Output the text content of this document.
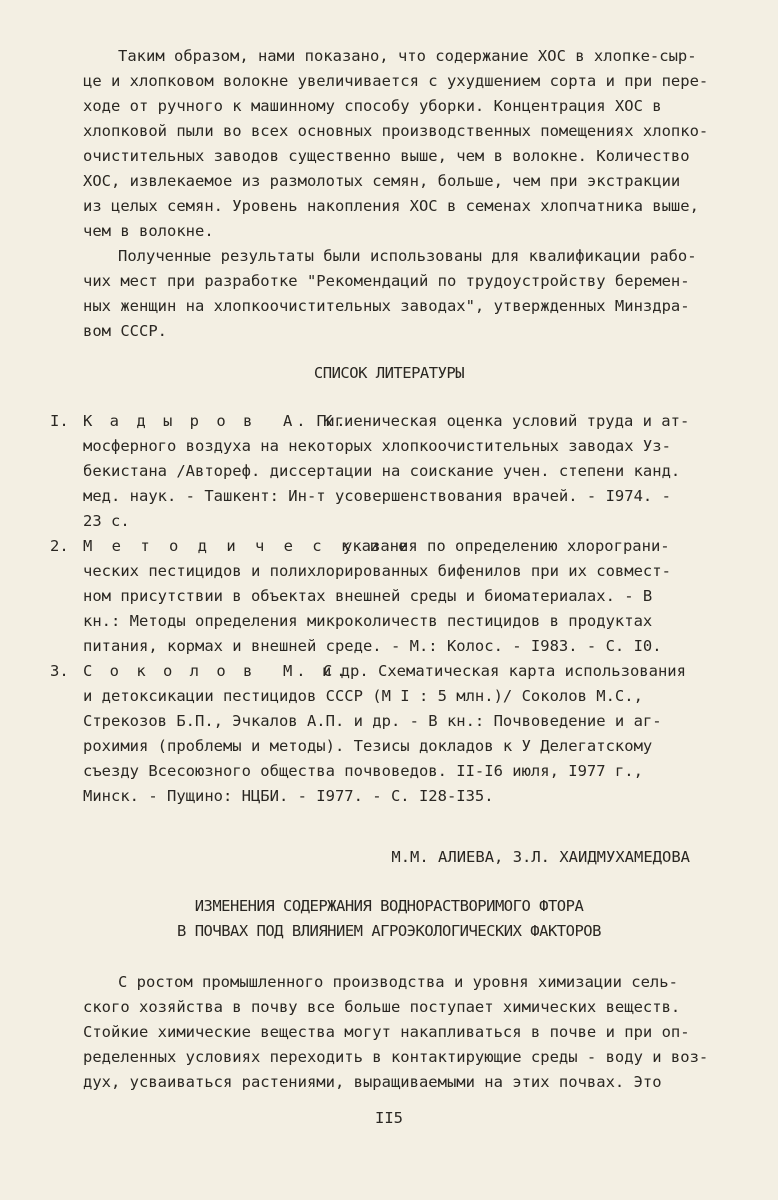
Таким образом, нами показано, что содержание ХОС в хлопке-сыр-
це и хлопковом волокне увеличивается с ухудшением сорта и при пере-
ходе от ручного к машинному способу уборки. Концентрация ХОС в
хлопковой пыли во всех основных производственных помещениях хлопко-
очистительных заводов существенно выше, чем в волокне. Количество
ХОС, извлекаемое из размолотых семян, больше, чем при экстракции
из целых семян. Уровень накопления ХОС в семенах хлопчатника выше,
чем в волокне.
Полученные результаты были использованы для квалификации рабо-
чих мест при разработке "Рекомендаций по трудоустройству беремен-
ных женщин на хлопкоочистительных заводах", утвержденных Минздра-
вом СССР.
СПИСОК ЛИТЕРАТУРЫ
I. К а д ы р о в  А. К.
Гигиеническая оценка условий труда и ат-
мосферного воздуха на некоторых хлопкоочистительных заводах Уз-
бекистана /Автореф. диссертации на соискание учен. степени канд.
мед. наук. - Ташкент: Ин-т усовершенствования врачей. - I974. -
23 с.
2. М е т о д и ч е с к и е
указания по определению хлорограни-
ческих пестицидов и полихлорированных бифенилов при их совмест-
ном присутствии в объектах внешней среды и биоматериалах. - В
кн.: Методы определения микроколичеств пестицидов в продуктах
питания, кормах и внешней среде. - М.: Колос. - I983. - С. I0.
3. С о к о л о в  М. С.
и др. Схематическая карта использования
и детоксикации пестицидов СССР (М I : 5 млн.)/ Соколов М.С.,
Стрекозов Б.П., Эчкалов А.П. и др. - В кн.: Почвоведение и аг-
рохимия (проблемы и методы). Тезисы докладов к У Делегатскому
съезду Всесоюзного общества почвоведов. II-I6 июля, I977 г.,
Минск. - Пущино: НЦБИ. - I977. - С. I28-I35.
М.М. АЛИЕВА, З.Л. ХАИДМУХАМЕДОВА
ИЗМЕНЕНИЯ СОДЕРЖАНИЯ ВОДНОРАСТВОРИМОГО ФТОРА
В ПОЧВАХ ПОД ВЛИЯНИЕМ АГРОЭКОЛОГИЧЕСКИХ ФАКТОРОВ
С ростом промышленного производства и уровня химизации сель-
ского хозяйства в почву все больше поступает химических веществ.
Стойкие химические вещества могут накапливаться в почве и при оп-
ределенных условиях переходить в контактирующие среды - воду и воз-
дух, усваиваться растениями, выращиваемыми на этих почвах. Это
II5
